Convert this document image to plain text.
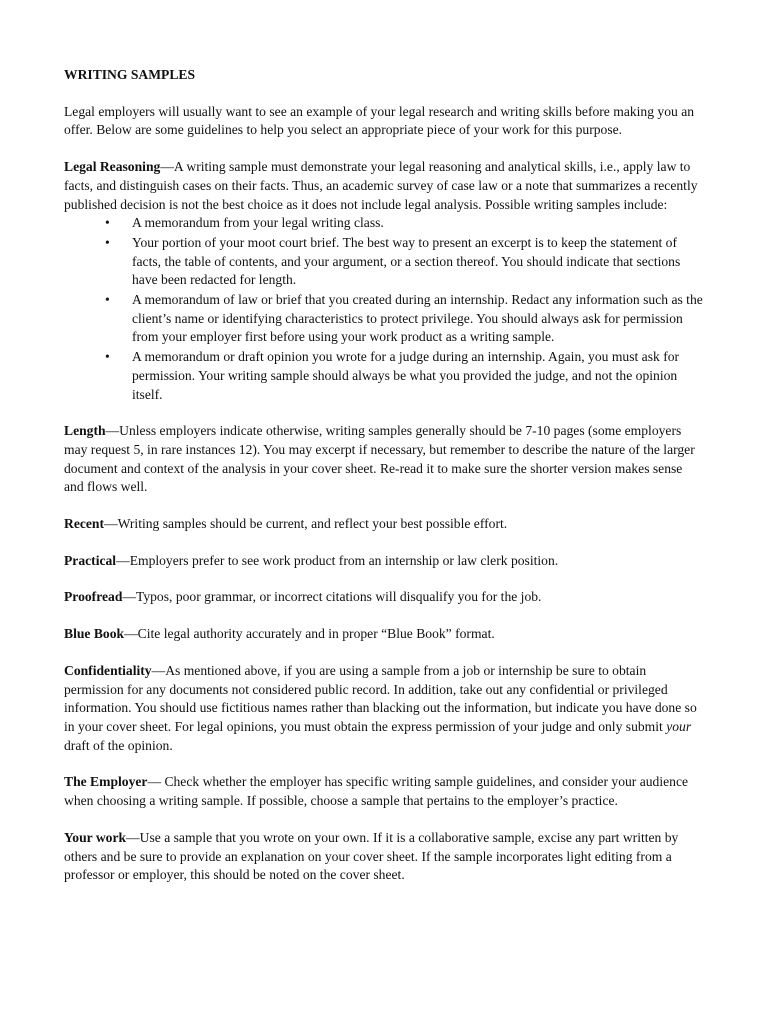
WRITING SAMPLES

Legal employers will usually want to see an example of your legal research and writing skills before making you an offer. Below are some guidelines to help you select an appropriate piece of your work for this purpose.

Legal Reasoning—A writing sample must demonstrate your legal reasoning and analytical skills, i.e., apply law to facts, and distinguish cases on their facts. Thus, an academic survey of case law or a note that summarizes a recently published decision is not the best choice as it does not include legal analysis. Possible writing samples include:

• A memorandum from your legal writing class.
• Your portion of your moot court brief. The best way to present an excerpt is to keep the statement of facts, the table of contents, and your argument, or a section thereof. You should indicate that sections have been redacted for length.
• A memorandum of law or brief that you created during an internship. Redact any information such as the client’s name or identifying characteristics to protect privilege. You should always ask for permission from your employer first before using your work product as a writing sample.
• A memorandum or draft opinion you wrote for a judge during an internship. Again, you must ask for permission. Your writing sample should always be what you provided the judge, and not the opinion itself.

Length—Unless employers indicate otherwise, writing samples generally should be 7-10 pages (some employers may request 5, in rare instances 12). You may excerpt if necessary, but remember to describe the nature of the larger document and context of the analysis in your cover sheet. Re-read it to make sure the shorter version makes sense and flows well.

Recent—Writing samples should be current, and reflect your best possible effort.

Practical—Employers prefer to see work product from an internship or law clerk position.

Proofread—Typos, poor grammar, or incorrect citations will disqualify you for the job.

Blue Book—Cite legal authority accurately and in proper “Blue Book” format.

Confidentiality—As mentioned above, if you are using a sample from a job or internship be sure to obtain permission for any documents not considered public record. In addition, take out any confidential or privileged information. You should use fictitious names rather than blacking out the information, but indicate you have done so in your cover sheet. For legal opinions, you must obtain the express permission of your judge and only submit your draft of the opinion.

The Employer— Check whether the employer has specific writing sample guidelines, and consider your audience when choosing a writing sample. If possible, choose a sample that pertains to the employer’s practice.

Your work—Use a sample that you wrote on your own. If it is a collaborative sample, excise any part written by others and be sure to provide an explanation on your cover sheet. If the sample incorporates light editing from a professor or employer, this should be noted on the cover sheet.
